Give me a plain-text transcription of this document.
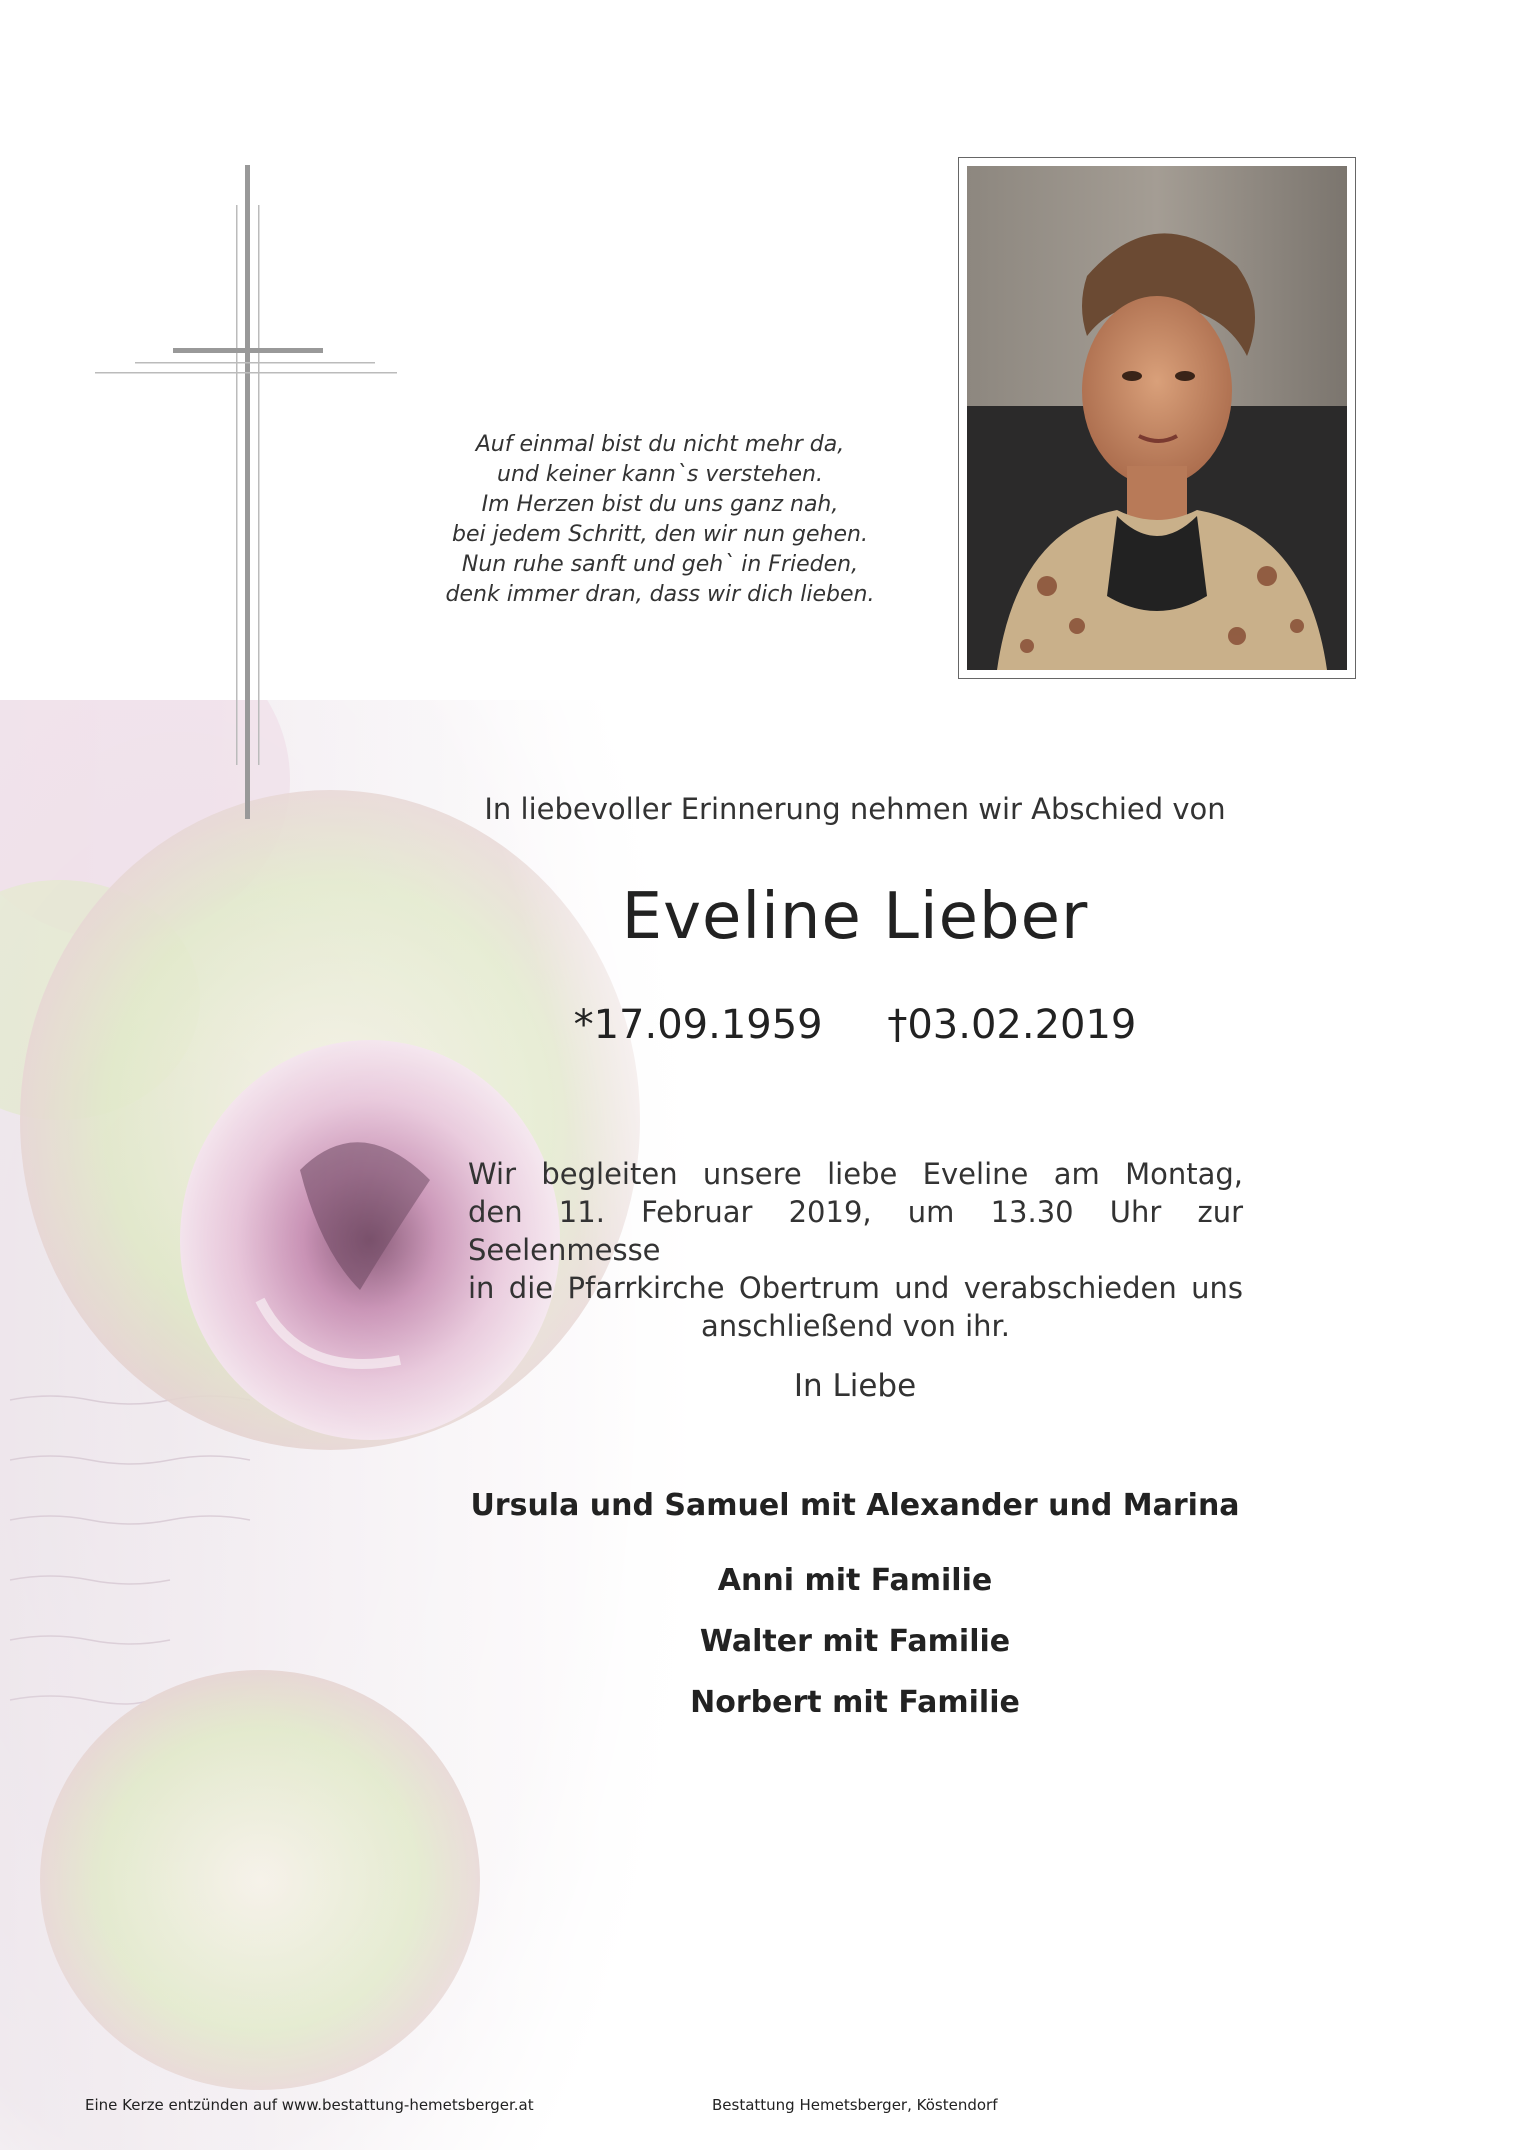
Auf einmal bist du nicht mehr da,
und keiner kann`s verstehen.
Im Herzen bist du uns ganz nah,
bei jedem Schritt, den wir nun gehen.
Nun ruhe sanft und geh` in Frieden,
denk immer dran, dass wir dich lieben.
In liebevoller Erinnerung nehmen wir Abschied von
Eveline Lieber
*17.09.1959 †03.02.2019
Wir begleiten unsere liebe Eveline am Montag,
den 11. Februar 2019, um 13.30 Uhr zur Seelenmesse
in die Pfarrkirche Obertrum und verabschieden uns
anschließend von ihr.
In Liebe
Ursula und Samuel mit Alexander und Marina
Anni mit Familie
Walter mit Familie
Norbert mit Familie
Eine Kerze entzünden auf www.bestattung-hemetsberger.at	Bestattung Hemetsberger, Köstendorf
